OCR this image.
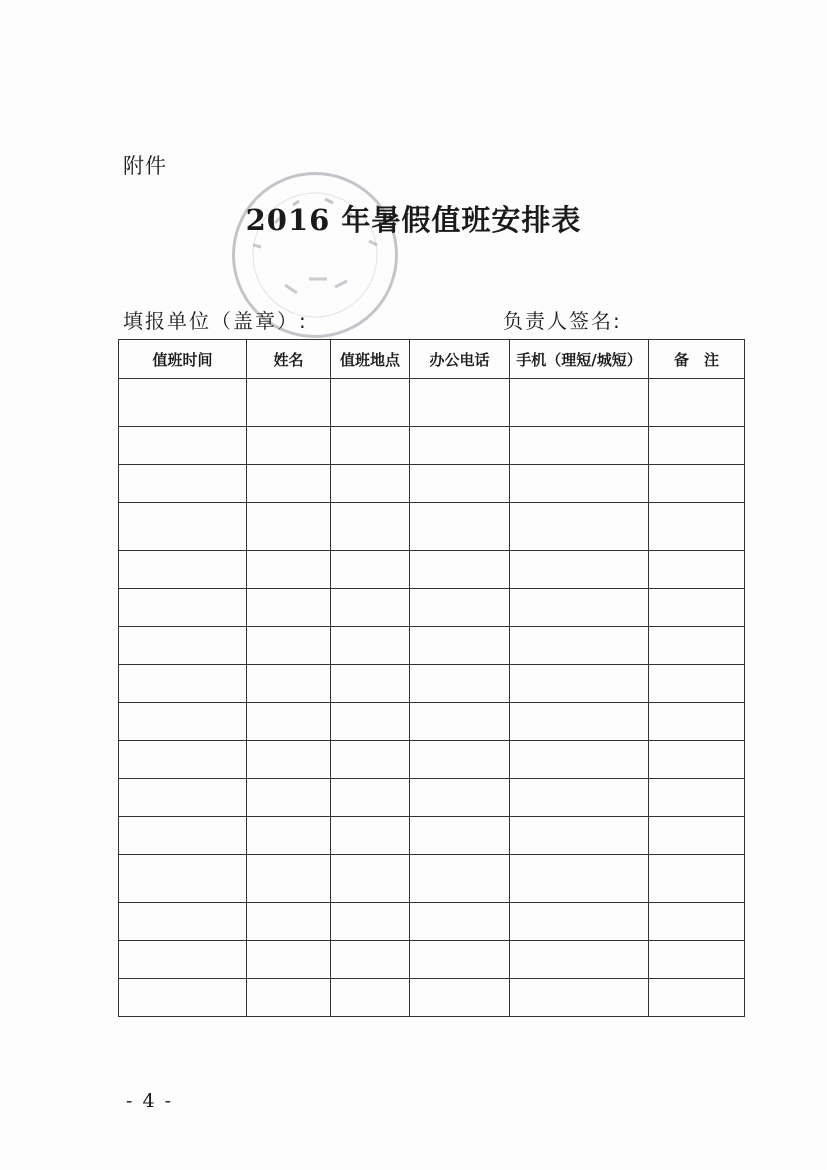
附件
2016 年暑假值班安排表
填报单位（盖章）:	负责人签名:
值班时间	姓名	值班地点	办公电话	手机（理短/城短）	备　注

- 4 -
